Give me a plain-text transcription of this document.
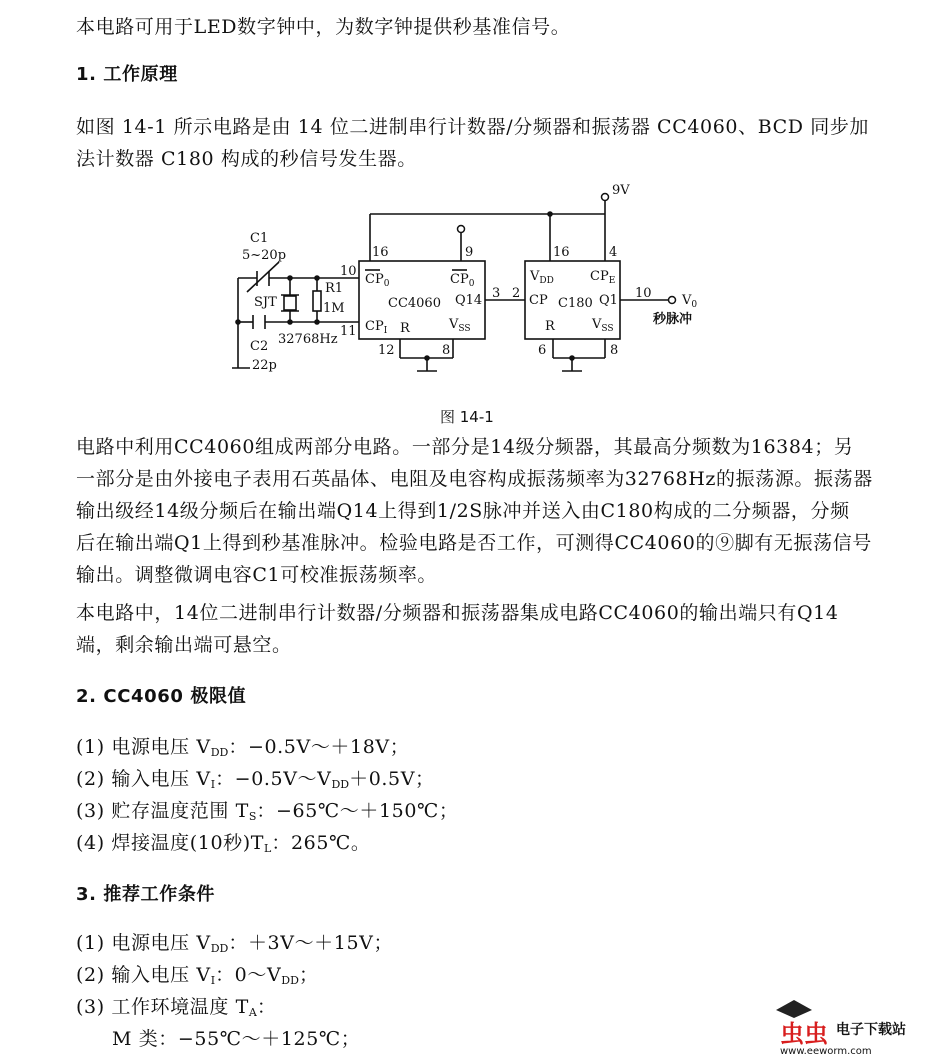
本电路可用于LED数字钟中，为数字钟提供秒基准信号。
1. 工作原理
如图 14-1 所示电路是由 14 位二进制串行计数器/分频器和振荡器 CC4060、BCD 同步加
法计数器 C180 构成的秒信号发生器。
9V
C1
5~20p
SJT
R1
1M
32768Hz
C2
22p
10
11
16	9
12	8
3 2
16	4
10
6	8
$CP_0$	$CP_0$
CC4060 Q14
$CP_I$ R	$V_{SS}$
$V_{DD}$	$CP_E$
CP C180 Q1
R	$V_{SS}$
$V_0$
秒脉冲
图 14-1
电路中利用CC4060组成两部分电路。一部分是14级分频器，其最高分频数为16384；另
一部分是由外接电子表用石英晶体、电阻及电容构成振荡频率为32768Hz的振荡源。振荡器
输出级经14级分频后在输出端Q14上得到1/2S脉冲并送入由C180构成的二分频器，分频
后在输出端Q1上得到秒基准脉冲。检验电路是否工作，可测得CC4060的⑨脚有无振荡信号
输出。调整微调电容C1可校准振荡频率。
本电路中，14位二进制串行计数器/分频器和振荡器集成电路CC4060的输出端只有Q14
端，剩余输出端可悬空。
2. CC4060 极限值
(1) 电源电压 $V_{DD}$：−0.5V～＋18V；
(2) 输入电压 $V_I$：$-0.5V\sim V_{DD}+0.5V$；
(3) 贮存温度范围 $T_S$：−65℃～＋150℃；
(4) 焊接温度(10秒)$T_L$：265℃。
3. 推荐工作条件
(1) 电源电压 $V_{DD}$：＋3V～＋15V；
(2) 输入电压 $V_I$：$0\sim V_{DD}$；
(3) 工作环境温度 $T_A$：
M 类：−55℃～＋125℃；	虫虫 电子下载站
www.eeworm.com
